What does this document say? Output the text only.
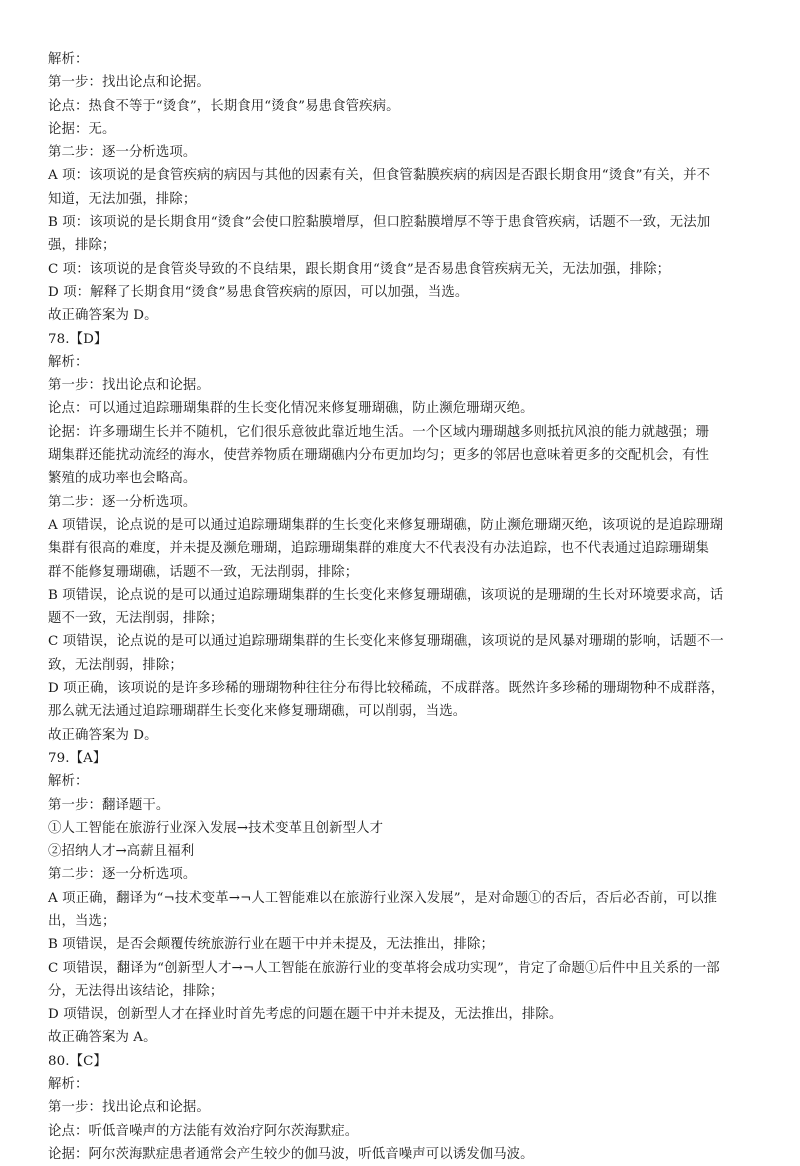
解析：

第一步：找出论点和论据。

论点：热食不等于“烫食”，长期食用“烫食”易患食管疾病。

论据：无。

第二步：逐一分析选项。

A 项：该项说的是食管疾病的病因与其他的因素有关，但食管黏膜疾病的病因是否跟长期食用“烫食”有关，并不

知道，无法加强，排除；

B 项：该项说的是长期食用“烫食”会使口腔黏膜增厚，但口腔黏膜增厚不等于患食管疾病，话题不一致，无法加

强，排除；

C 项：该项说的是食管炎导致的不良结果，跟长期食用“烫食”是否易患食管疾病无关，无法加强，排除；

D 项：解释了长期食用“烫食”易患食管疾病的原因，可以加强，当选。

故正确答案为 D。

78.【D】

解析：

第一步：找出论点和论据。

论点：可以通过追踪珊瑚集群的生长变化情况来修复珊瑚礁，防止濒危珊瑚灭绝。

论据：许多珊瑚生长并不随机，它们很乐意彼此靠近地生活。一个区域内珊瑚越多则抵抗风浪的能力就越强；珊

瑚集群还能扰动流经的海水，使营养物质在珊瑚礁内分布更加均匀；更多的邻居也意味着更多的交配机会，有性

繁殖的成功率也会略高。

第二步：逐一分析选项。

A 项错误，论点说的是可以通过追踪珊瑚集群的生长变化来修复珊瑚礁，防止濒危珊瑚灭绝，该项说的是追踪珊瑚

集群有很高的难度，并未提及濒危珊瑚，追踪珊瑚集群的难度大不代表没有办法追踪，也不代表通过追踪珊瑚集

群不能修复珊瑚礁，话题不一致，无法削弱，排除；

B 项错误，论点说的是可以通过追踪珊瑚集群的生长变化来修复珊瑚礁，该项说的是珊瑚的生长对环境要求高，话

题不一致，无法削弱，排除；

C 项错误，论点说的是可以通过追踪珊瑚集群的生长变化来修复珊瑚礁，该项说的是风暴对珊瑚的影响，话题不一

致，无法削弱，排除；

D 项正确，该项说的是许多珍稀的珊瑚物种往往分布得比较稀疏，不成群落。既然许多珍稀的珊瑚物种不成群落，

那么就无法通过追踪珊瑚群生长变化来修复珊瑚礁，可以削弱，当选。

故正确答案为 D。

79.【A】

解析：

第一步：翻译题干。

①人工智能在旅游行业深入发展→技术变革且创新型人才

②招纳人才→高薪且福利

第二步：逐一分析选项。

A 项正确，翻译为“¬技术变革→¬人工智能难以在旅游行业深入发展”，是对命题①的否后，否后必否前，可以推

出，当选；

B 项错误，是否会颠覆传统旅游行业在题干中并未提及，无法推出，排除；

C 项错误，翻译为“创新型人才→¬人工智能在旅游行业的变革将会成功实现”，肯定了命题①后件中且关系的一部

分，无法得出该结论，排除；

D 项错误，创新型人才在择业时首先考虑的问题在题干中并未提及，无法推出，排除。

故正确答案为 A。

80.【C】

解析：

第一步：找出论点和论据。

论点：听低音噪声的方法能有效治疗阿尔茨海默症。

论据：阿尔茨海默症患者通常会产生较少的伽马波，听低音噪声可以诱发伽马波。
